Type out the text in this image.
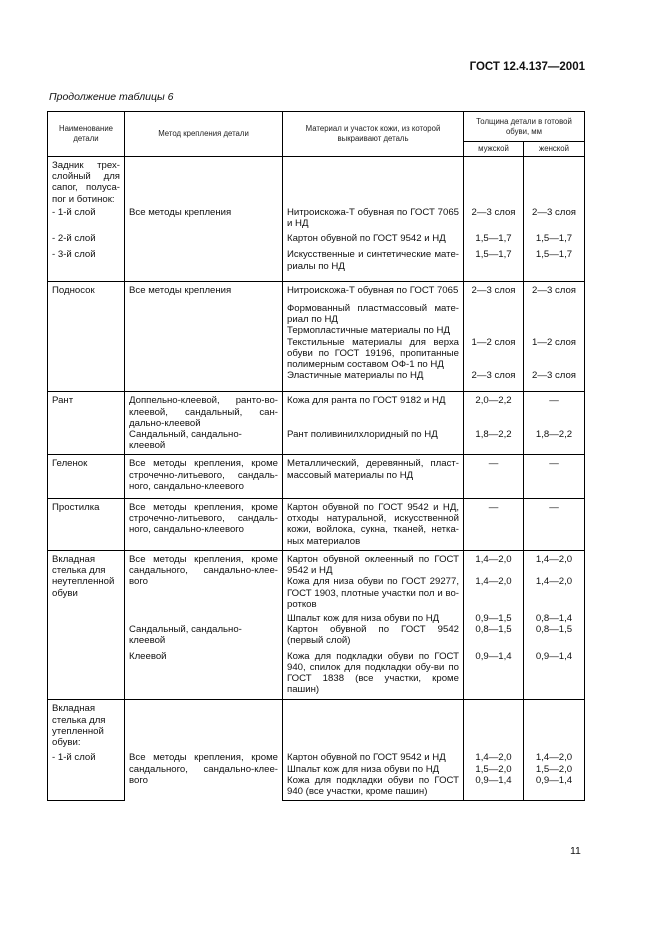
ГОСТ 12.4.137—2001
Продолжение таблицы 6
Наименование детали	Метод крепления детали	Материал и участок кожи, из которой выкраивают деталь	Толщина детали в готовой обуви, мм	
			мужской	женской
Задник трех-слойный для сапог, полуса-пог и ботинок:				
- 1-й слой	Все методы крепления	Нитроискожа-Т обувная по ГОСТ 7065 и НД	2—3 слоя	2—3 слоя
- 2-й слой		Картон обувной по ГОСТ 9542 и НД	1,5—1,7	1,5—1,7
- 3-й слой		Искусственные и синтетические мате-риалы по НД	1,5—1,7	1,5—1,7
Подносок	Все методы крепления	Нитроискожа-Т обувная по ГОСТ 7065	2—3 слоя	2—3 слоя
		Формованный пластмассовый мате-риал по НД		
		Термопластичные материалы по НД		
		Текстильные материалы для верха обуви по ГОСТ 19196, пропитанные полимерным составом ОФ-1 по НД	1—2 слоя	1—2 слоя
		Эластичные материалы по НД	2—3 слоя	2—3 слоя
Рант	Доппельно-клеевой, ранто-во-клеевой, сандальный, сан-дально-клеевой	Кожа для ранта по ГОСТ 9182 и НД	2,0—2,2	—
	Сандальный, сандально-клеевой	Рант поливинилхлоридный по НД	1,8—2,2	1,8—2,2
Геленок	Все методы крепления, кроме строчечно-литьевого, сандаль-ного, сандально-клеевого	Металлический, деревянный, пласт-массовый материалы по НД	—	—
Простилка	Все методы крепления, кроме строчечно-литьевого, сандаль-ного, сандально-клеевого	Картон обувной по ГОСТ 9542 и НД, отходы натуральной, искусственной кожи, войлока, сукна, тканей, нетка-ных материалов	—	—
Вкладная стелька для неутепленной обуви	Все методы крепления, кроме сандального, сандально-клее-вого	Картон обувной оклеенный по ГОСТ 9542 и НД	1,4—2,0	1,4—2,0
		Кожа для низа обуви по ГОСТ 29277, ГОСТ 1903, плотные участки пол и во-ротков	1,4—2,0	1,4—2,0
		Шпальт кож для низа обуви по НД	0,9—1,5	0,8—1,4
	Сандальный, сандально-клеевой	Картон обувной по ГОСТ 9542 (первый слой)	0,8—1,5	0,8—1,5
	Клеевой	Кожа для подкладки обуви по ГОСТ 940, спилок для подкладки обу-ви по ГОСТ 1838 (все участки, кроме пашин)	0,9—1,4	0,9—1,4
Вкладная стелька для утепленной обуви:				
- 1-й слой	Все методы крепления, кроме сандального, сандально-клее-вого	Картон обувной по ГОСТ 9542 и НД	1,4—2,0	1,4—2,0
		Шпальт кож для низа обуви по НД	1,5—2,0	1,5—2,0
		Кожа для подкладки обуви по ГОСТ 940 (все участки, кроме пашин)	0,9—1,4	0,9—1,4
11
